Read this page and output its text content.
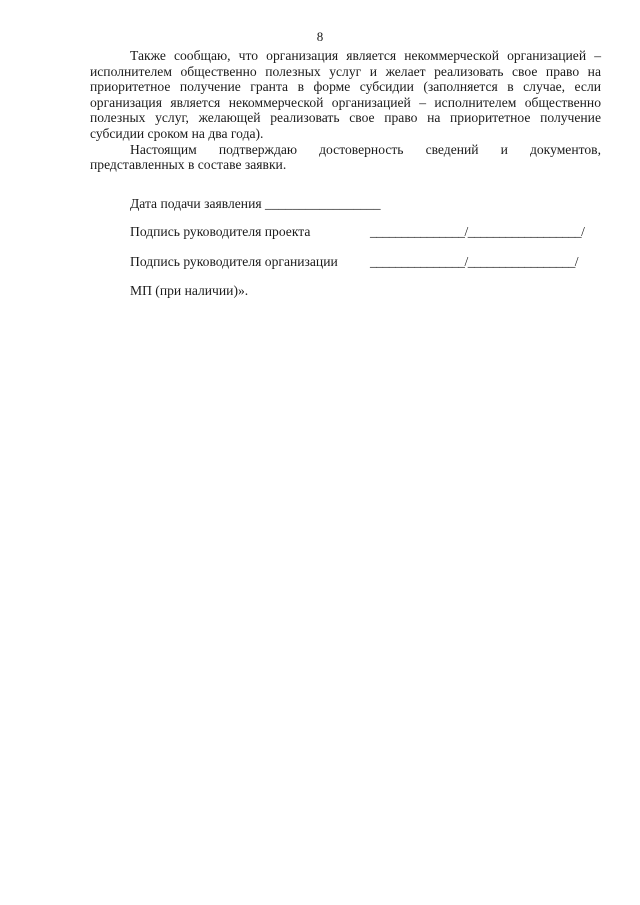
8

Также сообщаю, что организация является некоммерческой организацией – исполнителем общественно полезных услуг и желает реализовать свое право на приоритетное получение гранта в форме субсидии (заполняется в случае, если организация является некоммерческой организацией – исполнителем общественно полезных услуг, желающей реализовать свое право на приоритетное получение субсидии сроком на два года).

Настоящим подтверждаю достоверность сведений и документов, представленных в составе заявки.

Дата подачи заявления _________________
Подпись руководителя проекта	_______________/__________________/
Подпись руководителя организации _______________/_________________/
МП (при наличии)».
